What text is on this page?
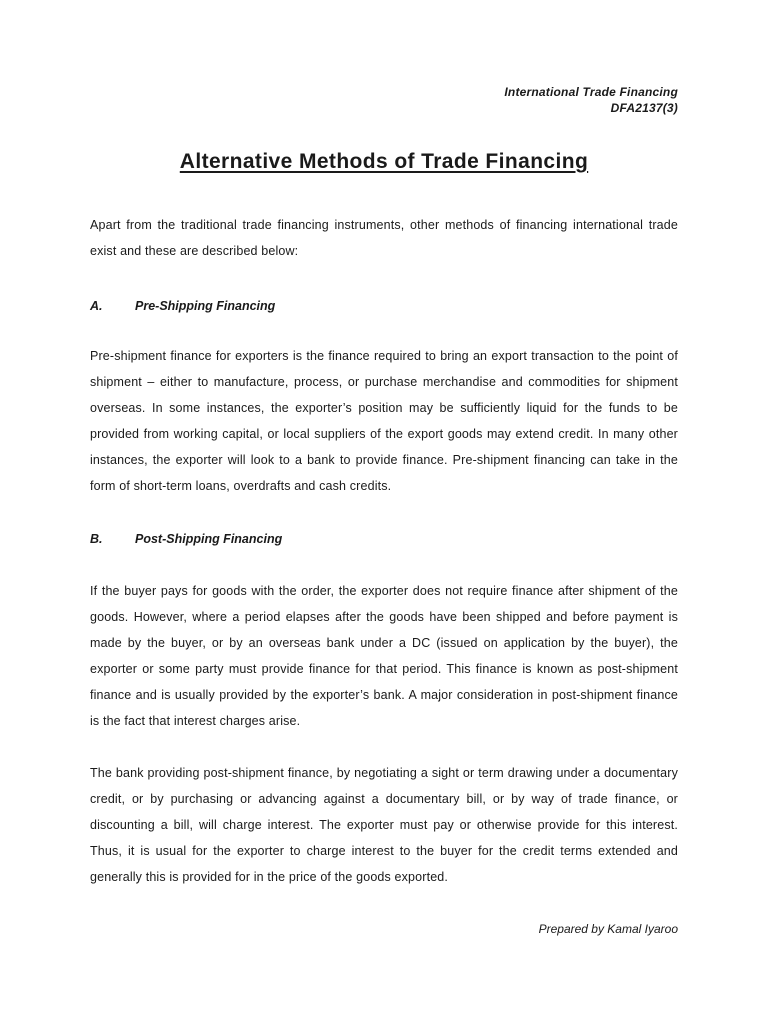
International Trade Financing
DFA2137(3)
Alternative Methods of Trade Financing
Apart from the traditional trade financing instruments, other methods of financing international trade exist and these are described below:
A.	Pre-Shipping Financing
Pre-shipment finance for exporters is the finance required to bring an export transaction to the point of shipment – either to manufacture, process, or purchase merchandise and commodities for shipment overseas. In some instances, the exporter’s position may be sufficiently liquid for the funds to be provided from working capital, or local suppliers of the export goods may extend credit. In many other instances, the exporter will look to a bank to provide finance. Pre-shipment financing can take in the form of short-term loans, overdrafts and cash credits.
B.	Post-Shipping Financing
If the buyer pays for goods with the order, the exporter does not require finance after shipment of the goods. However, where a period elapses after the goods have been shipped and before payment is made by the buyer, or by an overseas bank under a DC (issued on application by the buyer), the exporter or some party must provide finance for that period. This finance is known as post-shipment finance and is usually provided by the exporter’s bank. A major consideration in post-shipment finance is the fact that interest charges arise.
The bank providing post-shipment finance, by negotiating a sight or term drawing under a documentary credit, or by purchasing or advancing against a documentary bill, or by way of trade finance, or discounting a bill, will charge interest. The exporter must pay or otherwise provide for this interest. Thus, it is usual for the exporter to charge interest to the buyer for the credit terms extended and generally this is provided for in the price of the goods exported.
Prepared by Kamal Iyaroo
